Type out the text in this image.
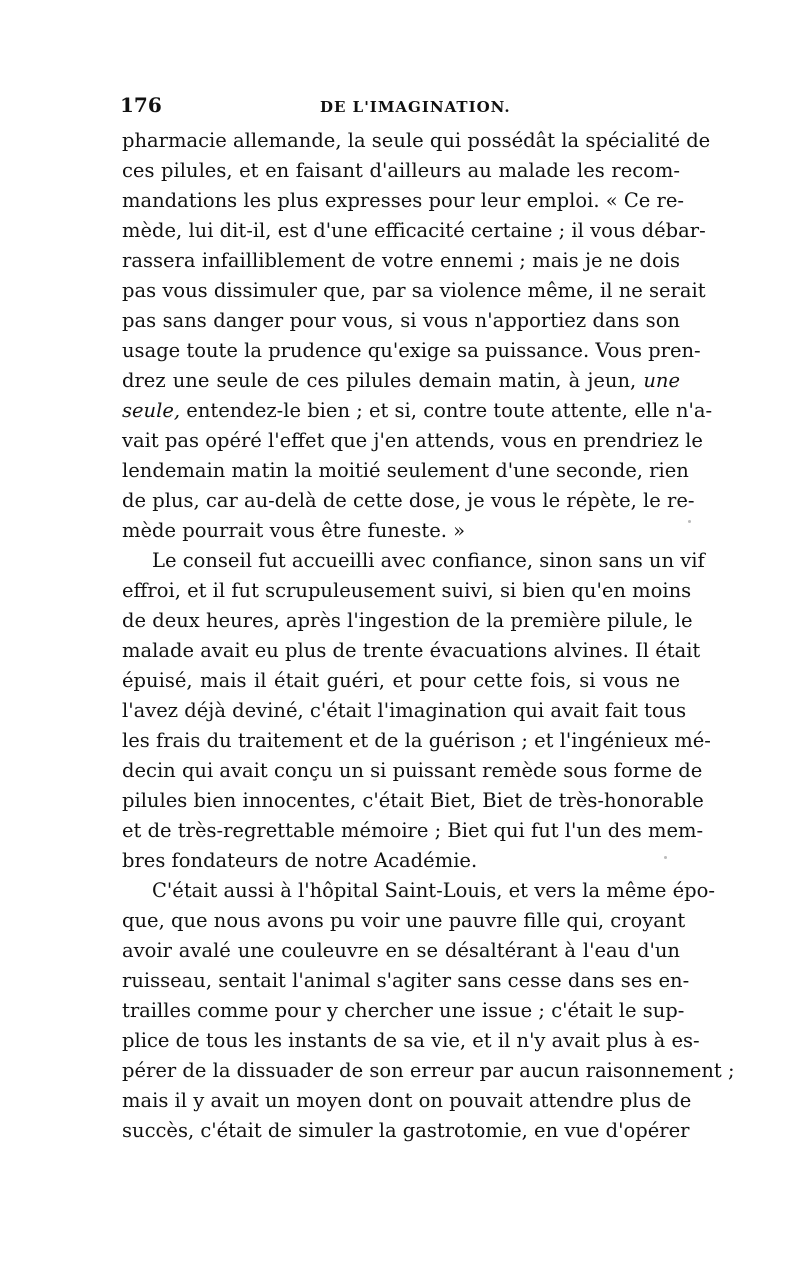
176	DE L'IMAGINATION.
pharmacie allemande, la seule qui possédât la spécialité de
ces pilules, et en faisant d'ailleurs au malade les recom-
mandations les plus expresses pour leur emploi. « Ce re-
mède, lui dit-il, est d'une efficacité certaine ; il vous débar-
rassera infailliblement de votre ennemi ; mais je ne dois
pas vous dissimuler que, par sa violence même, il ne serait
pas sans danger pour vous, si vous n'apportiez dans son
usage toute la prudence qu'exige sa puissance. Vous pren-
drez une seule de ces pilules demain matin, à jeun, une
seule, entendez-le bien ; et si, contre toute attente, elle n'a-
vait pas opéré l'effet que j'en attends, vous en prendriez le
lendemain matin la moitié seulement d'une seconde, rien
de plus, car au-delà de cette dose, je vous le répète, le re-
mède pourrait vous être funeste. »
Le conseil fut accueilli avec confiance, sinon sans un vif
effroi, et il fut scrupuleusement suivi, si bien qu'en moins
de deux heures, après l'ingestion de la première pilule, le
malade avait eu plus de trente évacuations alvines. Il était
épuisé, mais il était guéri, et pour cette fois, si vous ne
l'avez déjà deviné, c'était l'imagination qui avait fait tous
les frais du traitement et de la guérison ; et l'ingénieux mé-
decin qui avait conçu un si puissant remède sous forme de
pilules bien innocentes, c'était Biet, Biet de très-honorable
et de très-regrettable mémoire ; Biet qui fut l'un des mem-
bres fondateurs de notre Académie.
C'était aussi à l'hôpital Saint-Louis, et vers la même épo-
que, que nous avons pu voir une pauvre fille qui, croyant
avoir avalé une couleuvre en se désaltérant à l'eau d'un
ruisseau, sentait l'animal s'agiter sans cesse dans ses en-
trailles comme pour y chercher une issue ; c'était le sup-
plice de tous les instants de sa vie, et il n'y avait plus à es-
pérer de la dissuader de son erreur par aucun raisonnement ;
mais il y avait un moyen dont on pouvait attendre plus de
succès, c'était de simuler la gastrotomie, en vue d'opérer
